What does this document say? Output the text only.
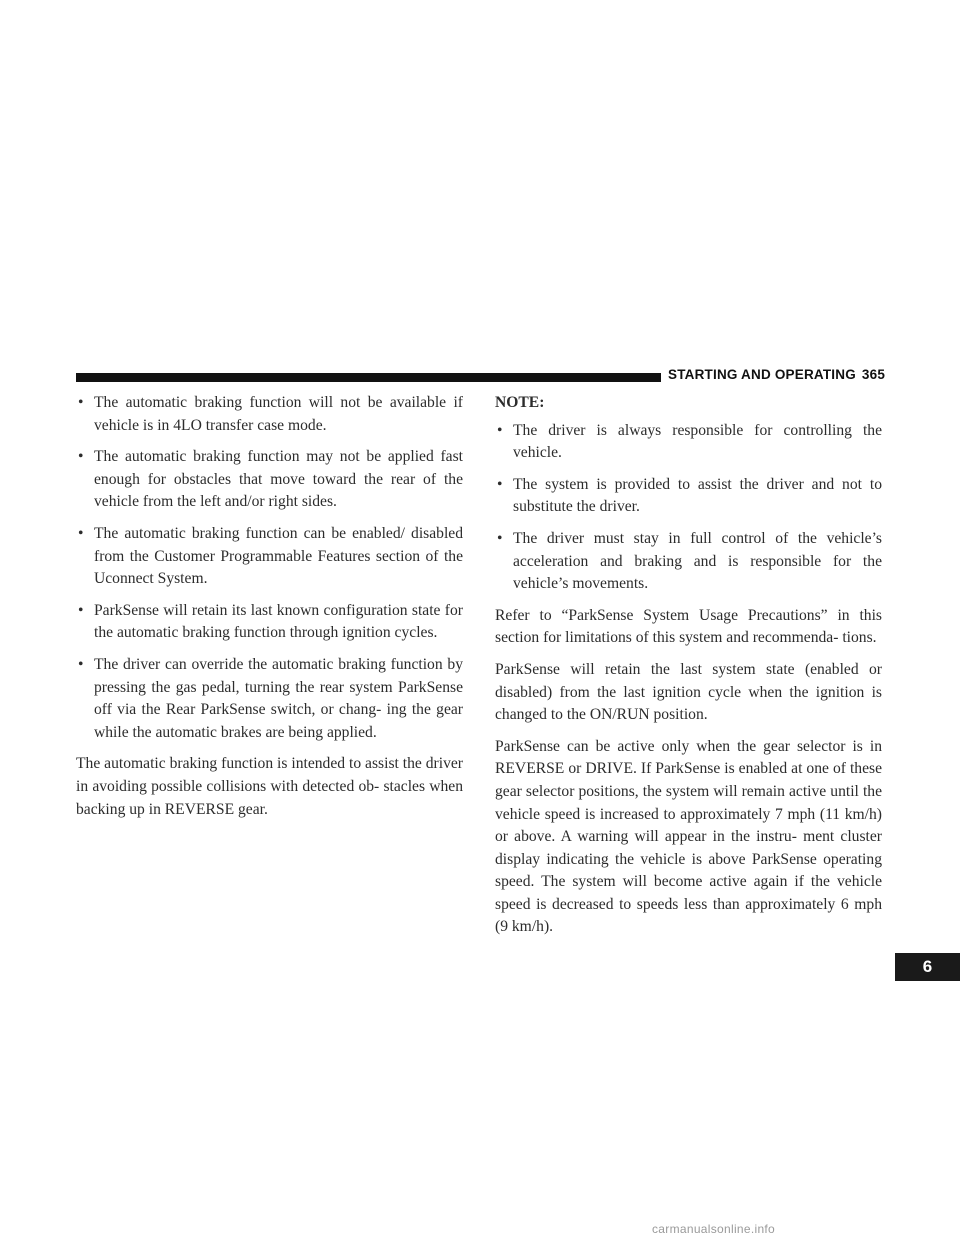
STARTING AND OPERATING 365
• The automatic braking function will not be available if vehicle is in 4LO transfer case mode.
• The automatic braking function may not be applied fast enough for obstacles that move toward the rear of the vehicle from the left and/or right sides.
• The automatic braking function can be enabled/ disabled from the Customer Programmable Features section of the Uconnect System.
• ParkSense will retain its last known configuration state for the automatic braking function through ignition cycles.
• The driver can override the automatic braking function by pressing the gas pedal, turning the rear system ParkSense off via the Rear ParkSense switch, or chang- ing the gear while the automatic brakes are being applied.

The automatic braking function is intended to assist the driver in avoiding possible collisions with detected ob- stacles when backing up in REVERSE gear.

NOTE:
• The driver is always responsible for controlling the vehicle.
• The system is provided to assist the driver and not to substitute the driver.
• The driver must stay in full control of the vehicle’s acceleration and braking and is responsible for the vehicle’s movements.

Refer to “ParkSense System Usage Precautions” in this section for limitations of this system and recommenda- tions.

ParkSense will retain the last system state (enabled or disabled) from the last ignition cycle when the ignition is changed to the ON/RUN position.

ParkSense can be active only when the gear selector is in REVERSE or DRIVE. If ParkSense is enabled at one of these gear selector positions, the system will remain active until the vehicle speed is increased to approximately 7 mph (11 km/h) or above. A warning will appear in the instru- ment cluster display indicating the vehicle is above ParkSense operating speed. The system will become active again if the vehicle speed is decreased to speeds less than approximately 6 mph (9 km/h).

6
carmanualsonline.info
